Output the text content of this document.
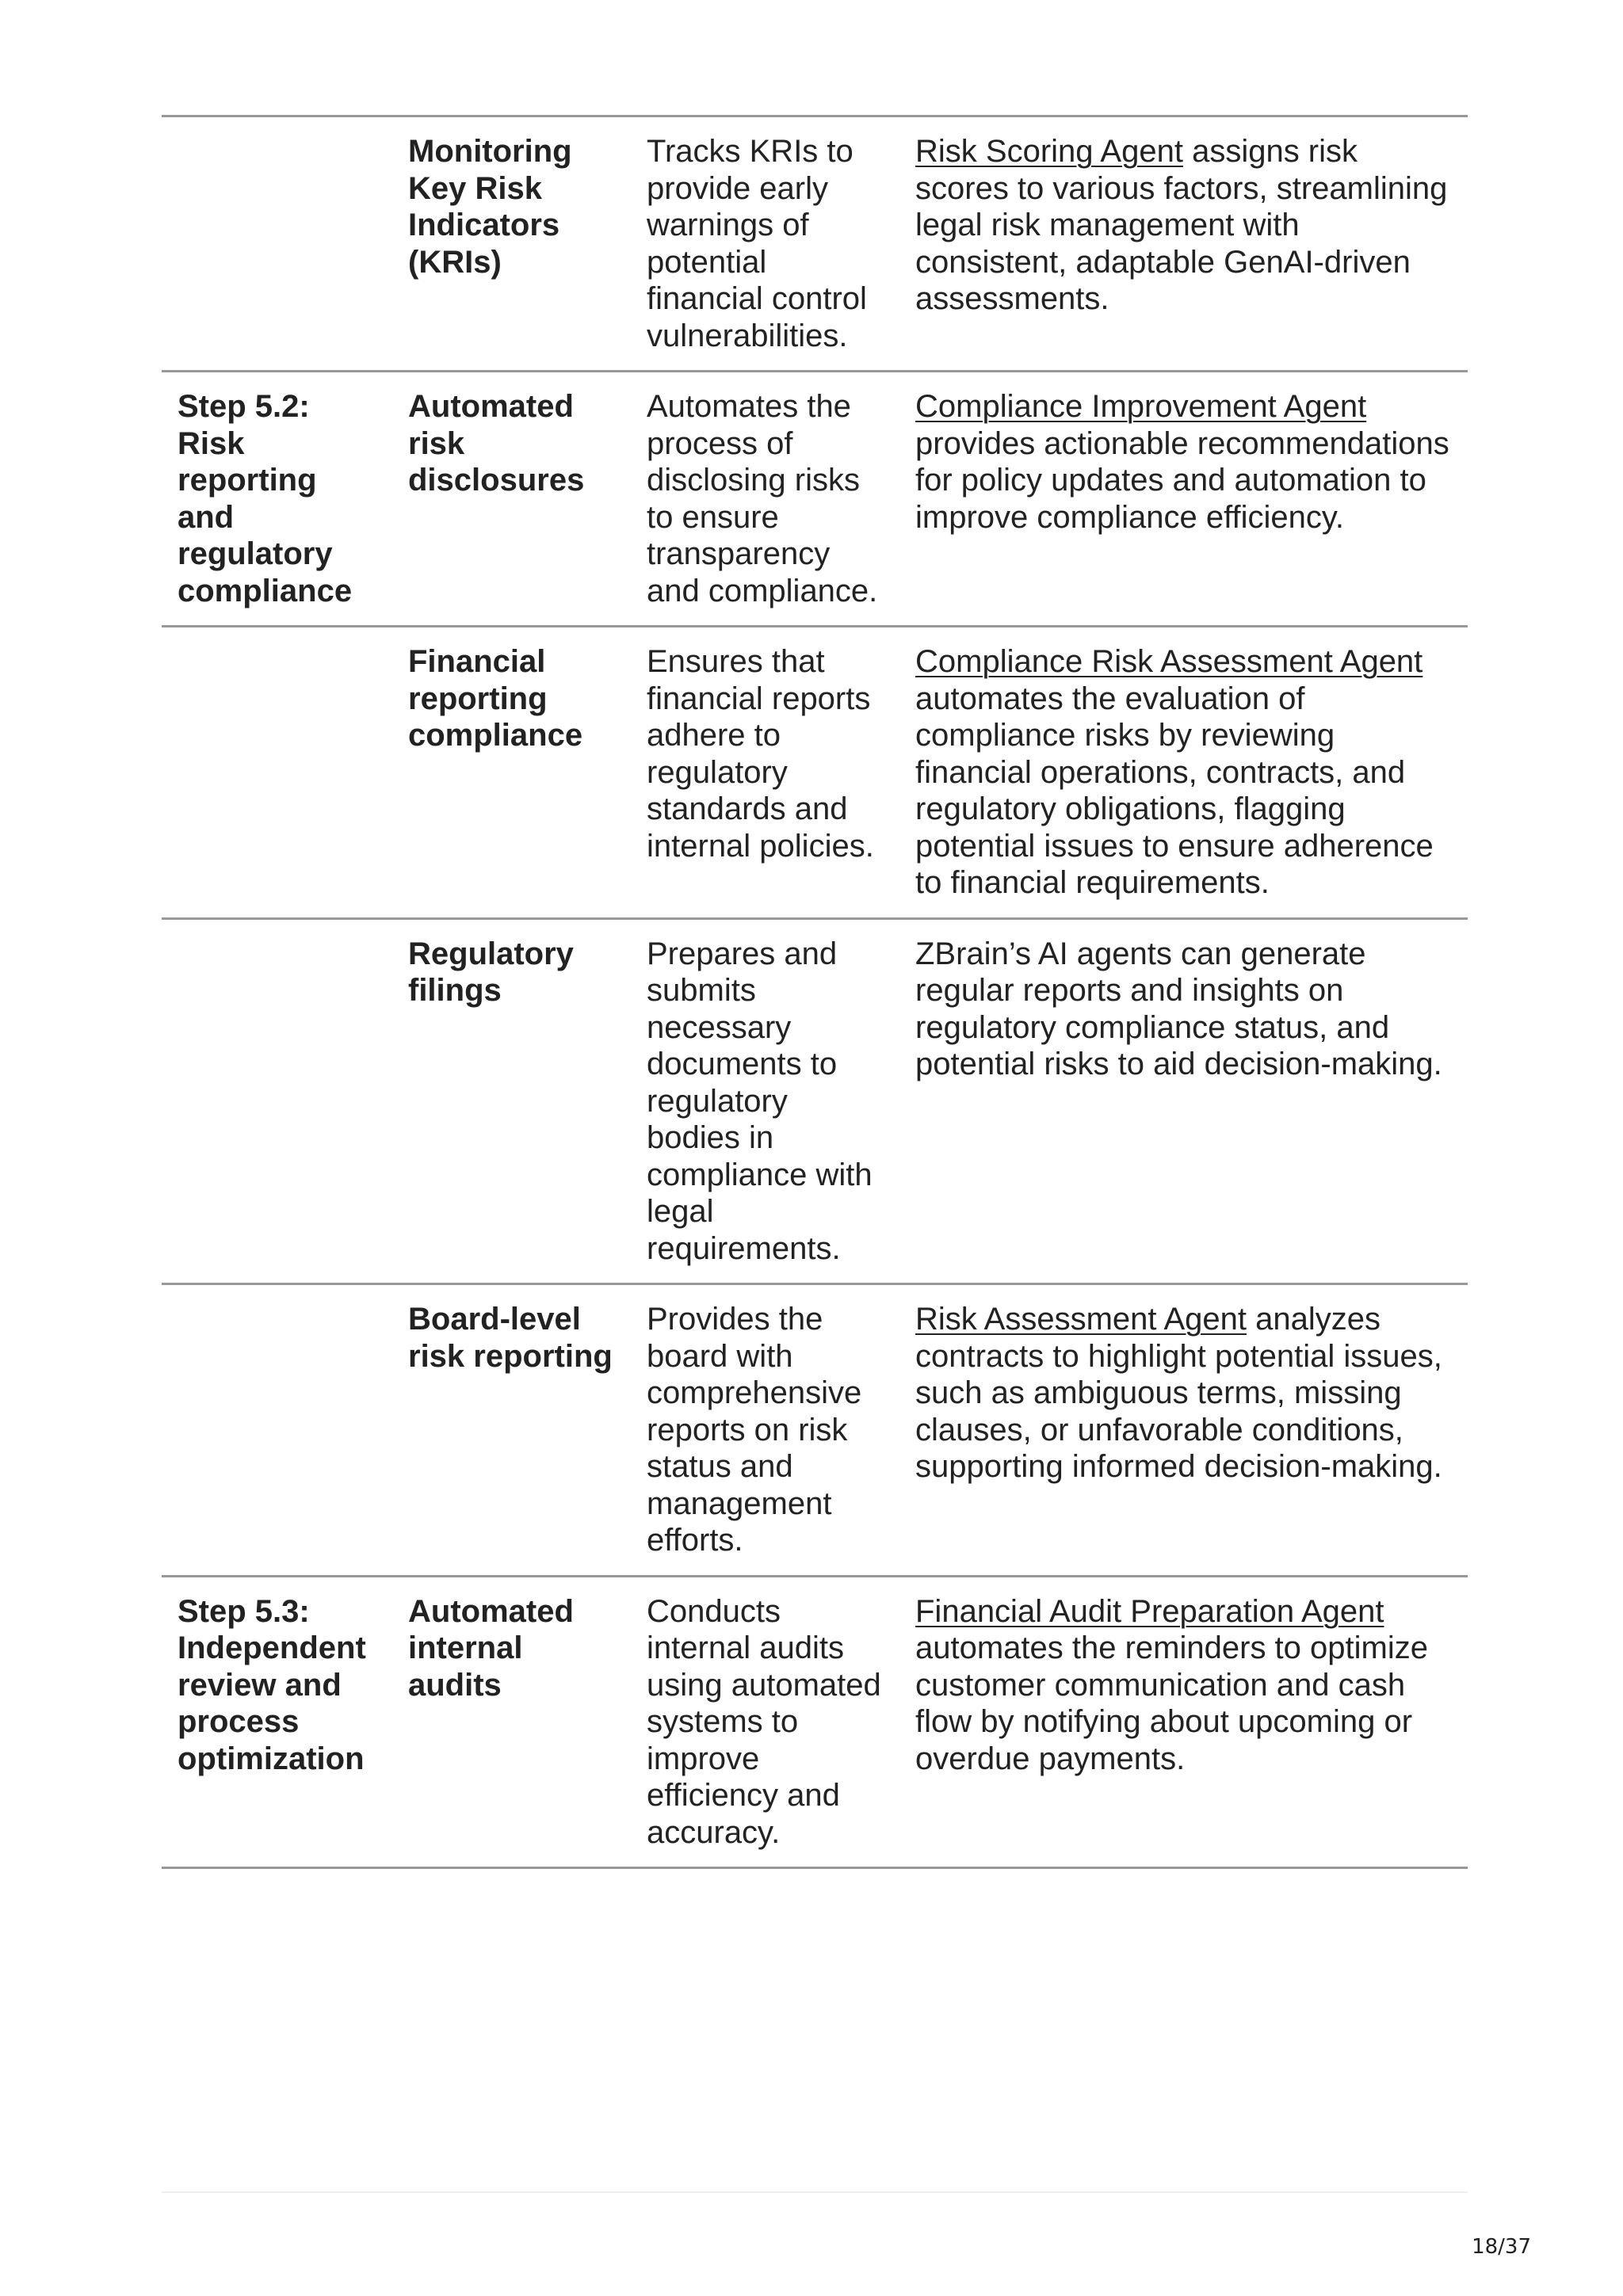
	Monitoring Key Risk Indicators (KRIs)	Tracks KRIs to provide early warnings of potential financial control vulnerabilities.	Risk Scoring Agent assigns risk scores to various factors, streamlining legal risk management with consistent, adaptable GenAI-driven assessments.
Step 5.2: Risk reporting and regulatory compliance	Automated risk disclosures	Automates the process of disclosing risks to ensure transparency and compliance.	Compliance Improvement Agent provides actionable recommendations for policy updates and automation to improve compliance efficiency.
	Financial reporting compliance	Ensures that financial reports adhere to regulatory standards and internal policies.	Compliance Risk Assessment Agent automates the evaluation of compliance risks by reviewing financial operations, contracts, and regulatory obligations, flagging potential issues to ensure adherence to financial requirements.
	Regulatory filings	Prepares and submits necessary documents to regulatory bodies in compliance with legal requirements.	ZBrain’s AI agents can generate regular reports and insights on regulatory compliance status, and potential risks to aid decision-making.
	Board-level risk reporting	Provides the board with comprehensive reports on risk status and management efforts.	Risk Assessment Agent analyzes contracts to highlight potential issues, such as ambiguous terms, missing clauses, or unfavorable conditions, supporting informed decision-making.
Step 5.3: Independent review and process optimization	Automated internal audits	Conducts internal audits using automated systems to improve efficiency and accuracy.	Financial Audit Preparation Agent automates the reminders to optimize customer communication and cash flow by notifying about upcoming or overdue payments.
18/37
